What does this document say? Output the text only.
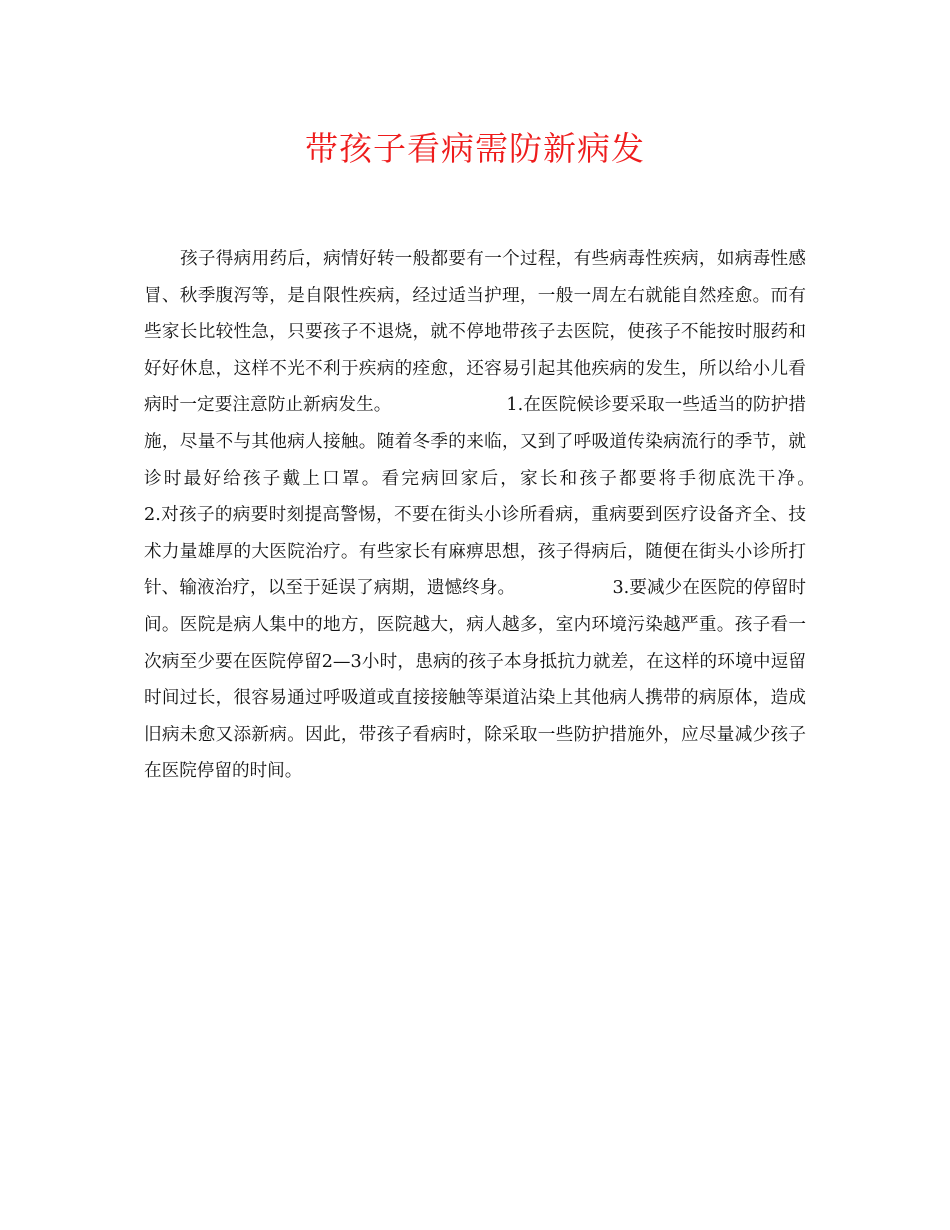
带孩子看病需防新病发

孩子得病用药后，病情好转一般都要有一个过程，有些病毒性疾病，如病毒性感冒、秋季腹泻等，是自限性疾病，经过适当护理，一般一周左右就能自然痊愈。而有些家长比较性急，只要孩子不退烧，就不停地带孩子去医院，使孩子不能按时服药和好好休息，这样不光不利于疾病的痊愈，还容易引起其他疾病的发生，所以给小儿看病时一定要注意防止新病发生。　　　　　　　1.在医院候诊要采取一些适当的防护措施，尽量不与其他病人接触。随着冬季的来临，又到了呼吸道传染病流行的季节，就诊时最好给孩子戴上口罩。看完病回家后，家长和孩子都要将手彻底洗干净。　　　　　　　2.对孩子的病要时刻提高警惕，不要在街头小诊所看病，重病要到医疗设备齐全、技术力量雄厚的大医院治疗。有些家长有麻痹思想，孩子得病后，随便在街头小诊所打针、输液治疗，以至于延误了病期，遗憾终身。　　　　　　3.要减少在医院的停留时间。医院是病人集中的地方，医院越大，病人越多，室内环境污染越严重。孩子看一次病至少要在医院停留2—3小时，患病的孩子本身抵抗力就差，在这样的环境中逗留时间过长，很容易通过呼吸道或直接接触等渠道沾染上其他病人携带的病原体，造成旧病未愈又添新病。因此，带孩子看病时，除采取一些防护措施外，应尽量减少孩子在医院停留的时间。
